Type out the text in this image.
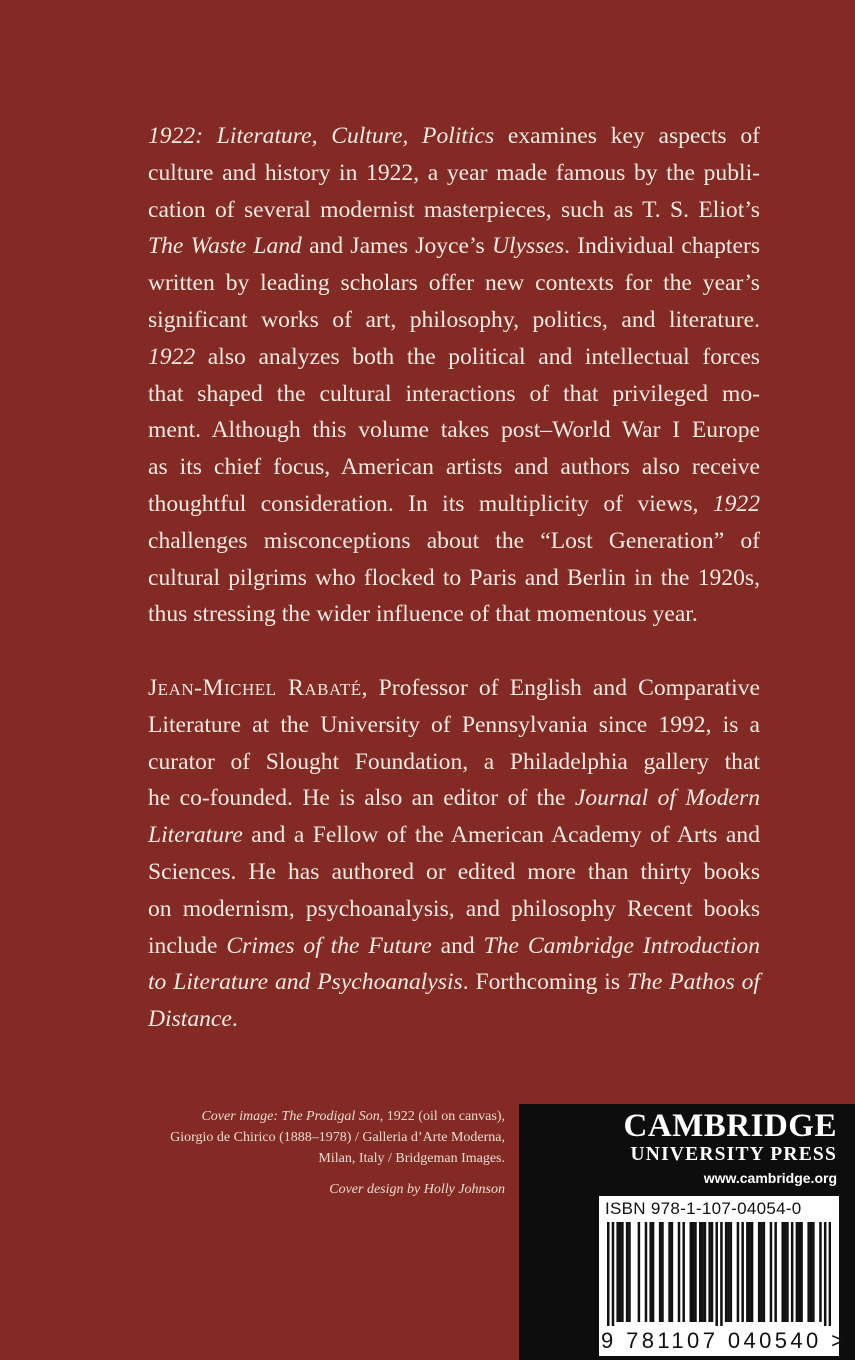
1922: Literature, Culture, Politics examines key aspects of
culture and history in 1922, a year made famous by the publi-
cation of several modernist masterpieces, such as T. S. Eliot’s
The Waste Land and James Joyce’s Ulysses. Individual chapters
written by leading scholars offer new contexts for the year’s
significant works of art, philosophy, politics, and literature.
1922 also analyzes both the political and intellectual forces
that shaped the cultural interactions of that privileged mo-
ment. Although this volume takes post–World War I Europe
as its chief focus, American artists and authors also receive
thoughtful consideration. In its multiplicity of views, 1922
challenges misconceptions about the “Lost Generation” of
cultural pilgrims who flocked to Paris and Berlin in the 1920s,
thus stressing the wider influence of that momentous year.

Jean-Michel Rabaté, Professor of English and Comparative
Literature at the University of Pennsylvania since 1992, is a
curator of Slought Foundation, a Philadelphia gallery that
he co-founded. He is also an editor of the Journal of Modern
Literature and a Fellow of the American Academy of Arts and
Sciences. He has authored or edited more than thirty books
on modernism, psychoanalysis, and philosophy Recent books
include Crimes of the Future and The Cambridge Introduction
to Literature and Psychoanalysis. Forthcoming is The Pathos of
Distance.

Cover image: The Prodigal Son, 1922 (oil on canvas),
Giorgio de Chirico (1888–1978) / Galleria d’Arte Moderna,
Milan, Italy / Bridgeman Images.
Cover design by Holly Johnson
CAMBRIDGE
UNIVERSITY PRESS
www.cambridge.org
ISBN 978-1-107-04054-0
9 781107 040540 >
